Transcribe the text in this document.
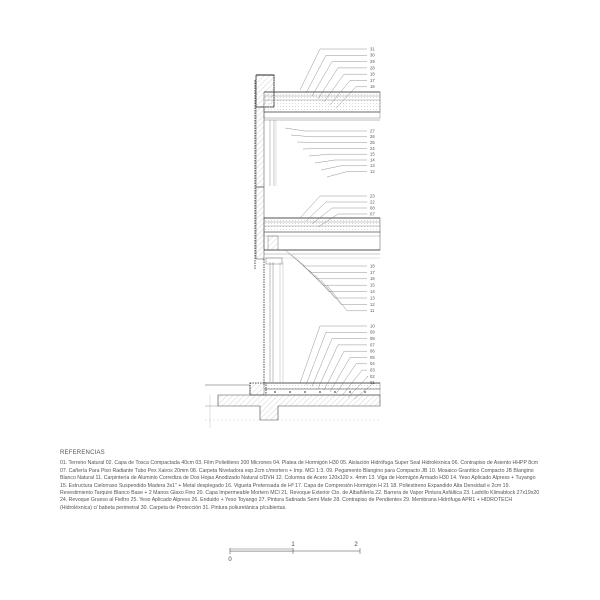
31
30
29
28
18
17
16
27
26
25
24
15
14
13
12
23
22
08
07
18
17
16
15
14
13
12
11
10
09
08
07
06
05
04
03
02
01
0
1	2
REFERENCIAS
01. Terreno Natural 02. Capa de Tosca Compactada 40cm 03. Film Polietileno 200 Micrones 04. Platea de Hormigón H30 05. Aislación Hidrófuga Super Seal Hidroléxnica 06. Contrapiso de Asiento HHPP 8cm 07. Cañería Para Piso Radiante Tubo Pex Xairos 20mm 08. Carpeta Niveladora esp.2cm c/mortero + Imp. MCI 1:3. 09. Pegamento Blangino para Compacto JB 10. Mosaico Granítico Compacto JB Blangino Blanco Natural 11. Carpintería de Aluminio Corrediza de Dos Hojas Anodizado Natural c/DVH 12. Columna de Acero 120x120 x. 4mm 13. Viga de Hormigón Armado H30 14. Yeso Aplicado Alpress + Tuyango 15. Estructura Cielorraso Suspendido Madera 3x1" + Metal desplegado 16. Vigueta Pretensada de Hº 17. Capa de Compresión Hormigón H 21 18. Poliestireno Expandido Alta Densidad e 2cm 19. Revestimiento Tarquini Blanco Base + 2 Manos Glaxo Fino 20. Capa Impermeable Mortero MCI 21. Revoque Exterior Cto. de Albañilería 22. Barrera de Vapor Pintura Asfáltica 23. Ladrillo Klimablock 27x19x20 24. Revoque Grueso al Fieltro 25. Yeso Aplicado Alpress 26. Enduido + Yeso Toyango 27. Pintura Satinada Semi Mate 28. Contrapiso de Pendientes 29. Membrana Hidrófuga APR1 + HIDROTECH (Hidroléxnica) c/ babeta perimetral 30. Carpeta de Protección 31. Pintura poliuretánica p/cubiertas.
